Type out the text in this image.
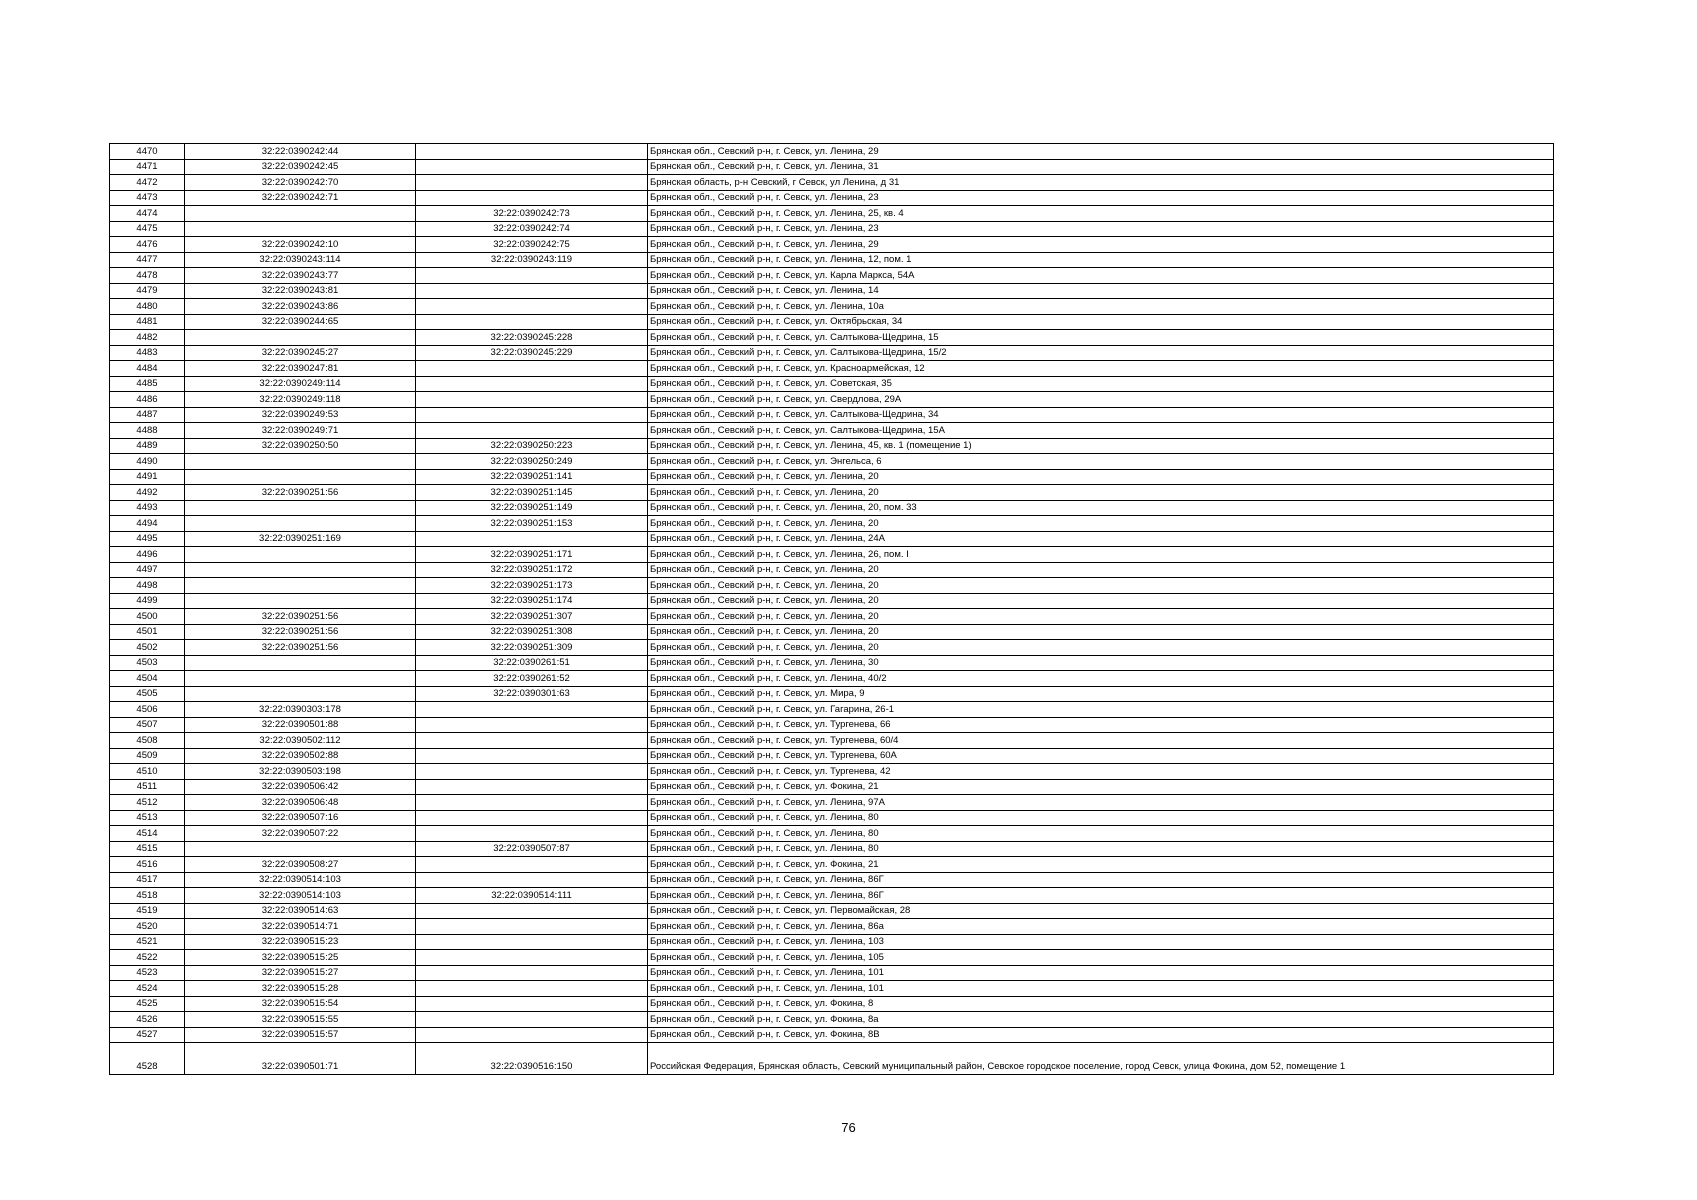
4470	32:22:0390242:44		Брянская обл., Севский р-н, г. Севск, ул. Ленина, 29
4471	32:22:0390242:45		Брянская обл., Севский р-н, г. Севск, ул. Ленина, 31
4472	32:22:0390242:70		Брянская область, р-н Севский, г Севск, ул Ленина, д 31
4473	32:22:0390242:71		Брянская обл., Севский р-н, г. Севск, ул. Ленина, 23
4474		32:22:0390242:73	Брянская обл., Севский р-н, г. Севск, ул. Ленина, 25, кв. 4
4475		32:22:0390242:74	Брянская обл., Севский р-н, г. Севск, ул. Ленина, 23
4476	32:22:0390242:10	32:22:0390242:75	Брянская обл., Севский р-н, г. Севск, ул. Ленина, 29
4477	32:22:0390243:114	32:22:0390243:119	Брянская обл., Севский р-н, г. Севск, ул. Ленина, 12, пом. 1
4478	32:22:0390243:77		Брянская обл., Севский р-н, г. Севск, ул. Карла Маркса, 54А
4479	32:22:0390243:81		Брянская обл., Севский р-н, г. Севск, ул. Ленина, 14
4480	32:22:0390243:86		Брянская обл., Севский р-н, г. Севск, ул. Ленина, 10а
4481	32:22:0390244:65		Брянская обл., Севский р-н, г. Севск, ул. Октябрьская, 34
4482		32:22:0390245:228	Брянская обл., Севский р-н, г. Севск, ул. Салтыкова-Щедрина, 15
4483	32:22:0390245:27	32:22:0390245:229	Брянская обл., Севский р-н, г. Севск, ул. Салтыкова-Щедрина, 15/2
4484	32:22:0390247:81		Брянская обл., Севский р-н, г. Севск, ул. Красноармейская, 12
4485	32:22:0390249:114		Брянская обл., Севский р-н, г. Севск, ул. Советская, 35
4486	32:22:0390249:118		Брянская обл., Севский р-н, г. Севск, ул. Свердлова, 29А
4487	32:22:0390249:53		Брянская обл., Севский р-н, г. Севск, ул. Салтыкова-Щедрина, 34
4488	32:22:0390249:71		Брянская обл., Севский р-н, г. Севск, ул. Салтыкова-Щедрина, 15А
4489	32:22:0390250:50	32:22:0390250:223	Брянская обл., Севский р-н, г. Севск, ул. Ленина, 45, кв. 1 (помещение 1)
4490		32:22:0390250:249	Брянская обл., Севский р-н, г. Севск, ул. Энгельса, 6
4491		32:22:0390251:141	Брянская обл., Севский р-н, г. Севск, ул. Ленина, 20
4492	32:22:0390251:56	32:22:0390251:145	Брянская обл., Севский р-н, г. Севск, ул. Ленина, 20
4493		32:22:0390251:149	Брянская обл., Севский р-н, г. Севск, ул. Ленина, 20, пом. 33
4494		32:22:0390251:153	Брянская обл., Севский р-н, г. Севск, ул. Ленина, 20
4495	32:22:0390251:169		Брянская обл., Севский р-н, г. Севск, ул. Ленина, 24А
4496		32:22:0390251:171	Брянская обл., Севский р-н, г. Севск, ул. Ленина, 26, пом. I
4497		32:22:0390251:172	Брянская обл., Севский р-н, г. Севск, ул. Ленина, 20
4498		32:22:0390251:173	Брянская обл., Севский р-н, г. Севск, ул. Ленина, 20
4499		32:22:0390251:174	Брянская обл., Севский р-н, г. Севск, ул. Ленина, 20
4500	32:22:0390251:56	32:22:0390251:307	Брянская обл., Севский р-н, г. Севск, ул. Ленина, 20
4501	32:22:0390251:56	32:22:0390251:308	Брянская обл., Севский р-н, г. Севск, ул. Ленина, 20
4502	32:22:0390251:56	32:22:0390251:309	Брянская обл., Севский р-н, г. Севск, ул. Ленина, 20
4503		32:22:0390261:51	Брянская обл., Севский р-н, г. Севск, ул. Ленина, 30
4504		32:22:0390261:52	Брянская обл., Севский р-н, г. Севск, ул. Ленина, 40/2
4505		32:22:0390301:63	Брянская обл., Севский р-н, г. Севск, ул. Мира, 9
4506	32:22:0390303:178		Брянская обл., Севский р-н, г. Севск, ул. Гагарина, 26-1
4507	32:22:0390501:88		Брянская обл., Севский р-н, г. Севск, ул. Тургенева, 66
4508	32:22:0390502:112		Брянская обл., Севский р-н, г. Севск, ул. Тургенева, 60/4
4509	32:22:0390502:88		Брянская обл., Севский р-н, г. Севск, ул. Тургенева, 60А
4510	32:22:0390503:198		Брянская обл., Севский р-н, г. Севск, ул. Тургенева, 42
4511	32:22:0390506:42		Брянская обл., Севский р-н, г. Севск, ул. Фокина, 21
4512	32:22:0390506:48		Брянская обл., Севский р-н, г. Севск, ул. Ленина, 97А
4513	32:22:0390507:16		Брянская обл., Севский р-н, г. Севск, ул. Ленина, 80
4514	32:22:0390507:22		Брянская обл., Севский р-н, г. Севск, ул. Ленина, 80
4515		32:22:0390507:87	Брянская обл., Севский р-н, г. Севск, ул. Ленина, 80
4516	32:22:0390508:27		Брянская обл., Севский р-н, г. Севск, ул. Фокина, 21
4517	32:22:0390514:103		Брянская обл., Севский р-н, г. Севск, ул. Ленина, 86Г
4518	32:22:0390514:103	32:22:0390514:111	Брянская обл., Севский р-н, г. Севск, ул. Ленина, 86Г
4519	32:22:0390514:63		Брянская обл., Севский р-н, г. Севск, ул. Первомайская, 28
4520	32:22:0390514:71		Брянская обл., Севский р-н, г. Севск, ул. Ленина, 86а
4521	32:22:0390515:23		Брянская обл., Севский р-н, г. Севск, ул. Ленина, 103
4522	32:22:0390515:25		Брянская обл., Севский р-н, г. Севск, ул. Ленина, 105
4523	32:22:0390515:27		Брянская обл., Севский р-н, г. Севск, ул. Ленина, 101
4524	32:22:0390515:28		Брянская обл., Севский р-н, г. Севск, ул. Ленина, 101
4525	32:22:0390515:54		Брянская обл., Севский р-н, г. Севск, ул. Фокина, 8
4526	32:22:0390515:55		Брянская обл., Севский р-н, г. Севск, ул. Фокина, 8а
4527	32:22:0390515:57		Брянская обл., Севский р-н, г. Севск, ул. Фокина, 8В
4528	32:22:0390501:71	32:22:0390516:150	Российская Федерация, Брянская область, Севский муниципальный район, Севское городское поселение, город Севск, улица Фокина, дом 52, помещение 1
76
